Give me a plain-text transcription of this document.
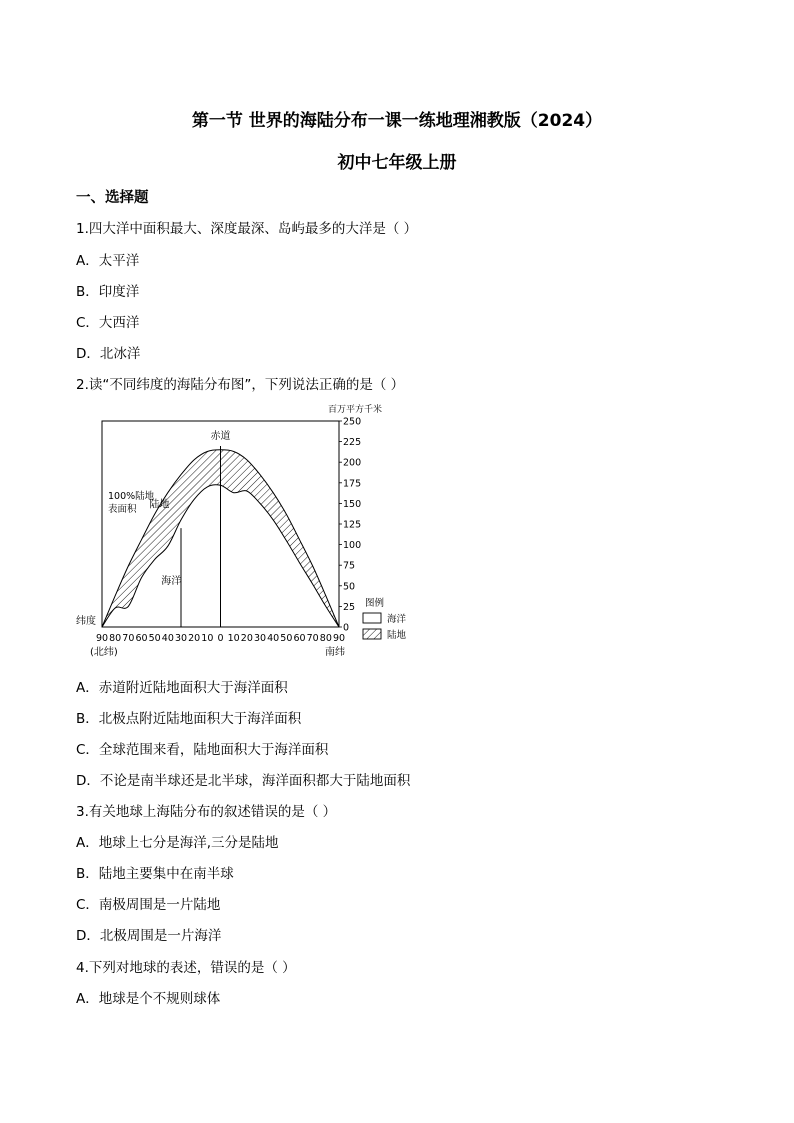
第一节 世界的海陆分布一课一练地理湘教版（2024）
初中七年级上册
一、选择题
1.四大洋中面积最大、深度最深、岛屿最多的大洋是（ ）
A．太平洋
B．印度洋
C．大西洋
D．北冰洋
2.读“不同纬度的海陆分布图”，下列说法正确的是（ ）
90 80 70 60 50 40 30 20 10 0 10 20 30 40 50 60 70 80 90
0
25
50
75
100
125
150
175
200
225
250
百万平方千米
纬度
(北纬)	南纬
赤道
陆地
海洋
100%陆地表面积
图例
海洋
陆地
A．赤道附近陆地面积大于海洋面积
B．北极点附近陆地面积大于海洋面积
C．全球范围来看，陆地面积大于海洋面积
D．不论是南半球还是北半球，海洋面积都大于陆地面积
3.有关地球上海陆分布的叙述错误的是（ ）
A．地球上七分是海洋,三分是陆地
B．陆地主要集中在南半球
C．南极周围是一片陆地
D．北极周围是一片海洋
4.下列对地球的表述，错误的是（ ）
A．地球是个不规则球体
